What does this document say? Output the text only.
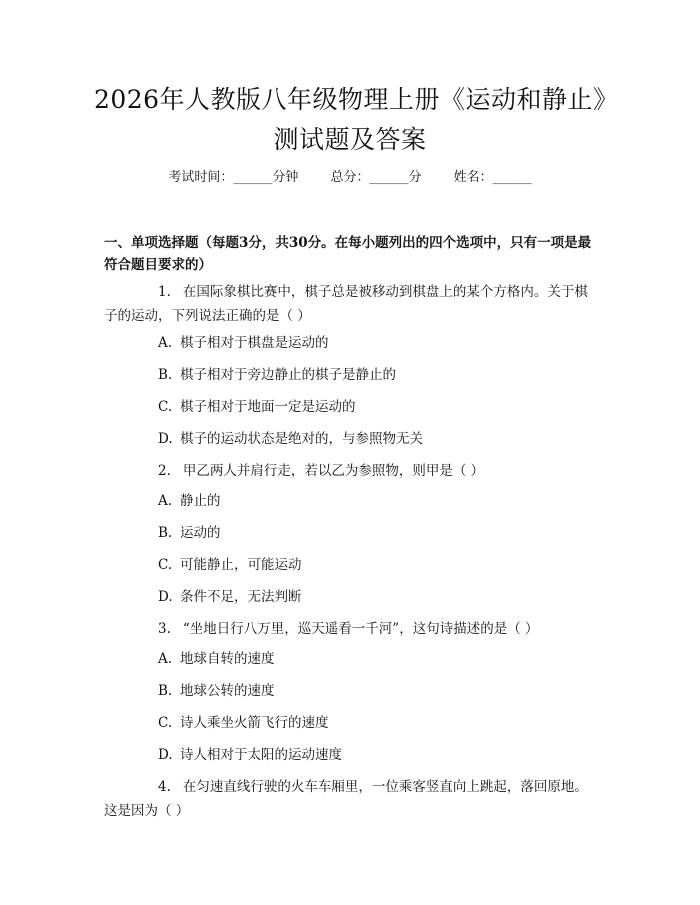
2026年人教版八年级物理上册《运动和静止》测试题及答案
考试时间：______分钟 总分：______分 姓名：______
一、单项选择题（每题3分，共30分。在每小题列出的四个选项中，只有一项是最符合题目要求的）
1. 在国际象棋比赛中，棋子总是被移动到棋盘上的某个方格内。关于棋子的运动，下列说法正确的是（ ）
A. 棋子相对于棋盘是运动的
B. 棋子相对于旁边静止的棋子是静止的
C. 棋子相对于地面一定是运动的
D. 棋子的运动状态是绝对的，与参照物无关
2. 甲乙两人并肩行走，若以乙为参照物，则甲是（ ）
A. 静止的
B. 运动的
C. 可能静止，可能运动
D. 条件不足，无法判断
3. “坐地日行八万里，巡天遥看一千河”，这句诗描述的是（ ）
A. 地球自转的速度
B. 地球公转的速度
C. 诗人乘坐火箭飞行的速度
D. 诗人相对于太阳的运动速度
4. 在匀速直线行驶的火车车厢里，一位乘客竖直向上跳起，落回原地。这是因为（ ）
